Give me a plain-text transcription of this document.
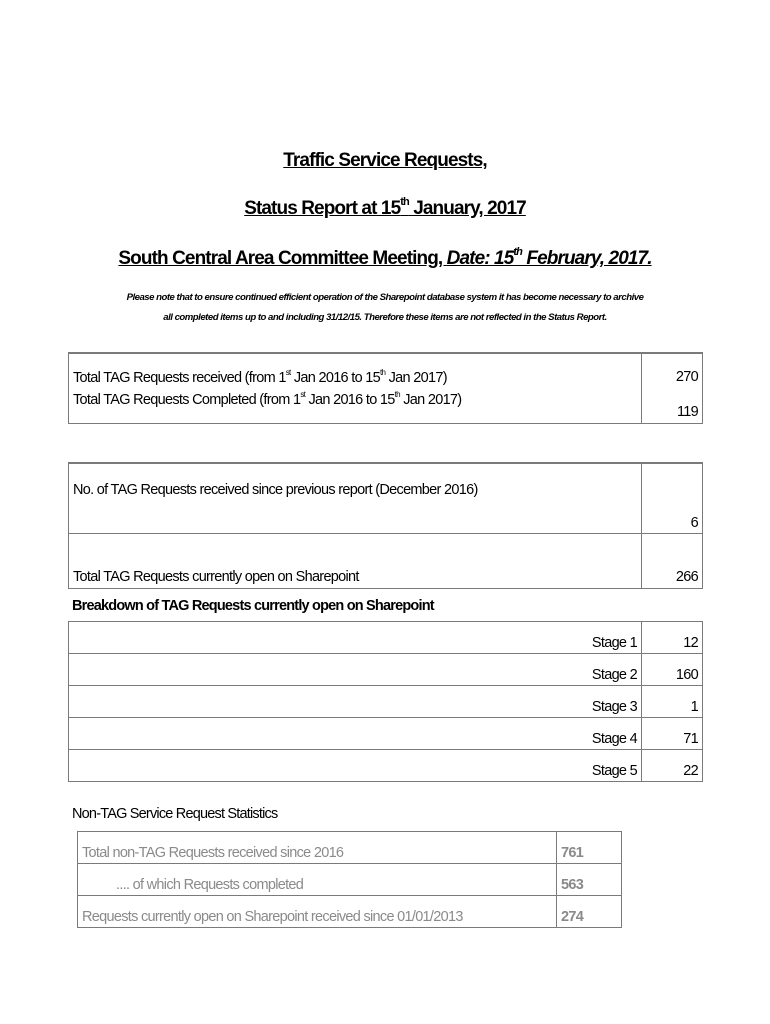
Traffic Service Requests,
Status Report at 15th January, 2017
South Central Area Committee Meeting, Date: 15th February, 2017.
Please note that to ensure continued efficient operation of the Sharepoint database system it has become necessary to archive
all completed items up to and including 31/12/15. Therefore these items are not reflected in the Status Report.
Total TAG Requests received (from 1st Jan 2016 to 15th Jan 2017)	270
Total TAG Requests Completed (from 1st Jan 2016 to 15th Jan 2017)	119
No. of TAG Requests received since previous report (December 2016)	6
Total TAG Requests currently open on Sharepoint	266
Breakdown of TAG Requests currently open on Sharepoint
Stage 1	12
Stage 2	160
Stage 3	1
Stage 4	71
Stage 5	22
Non-TAG Service Request Statistics
Total non-TAG Requests received since 2016	761
.... of which Requests completed	563
Requests currently open on Sharepoint received since 01/01/2013	274
